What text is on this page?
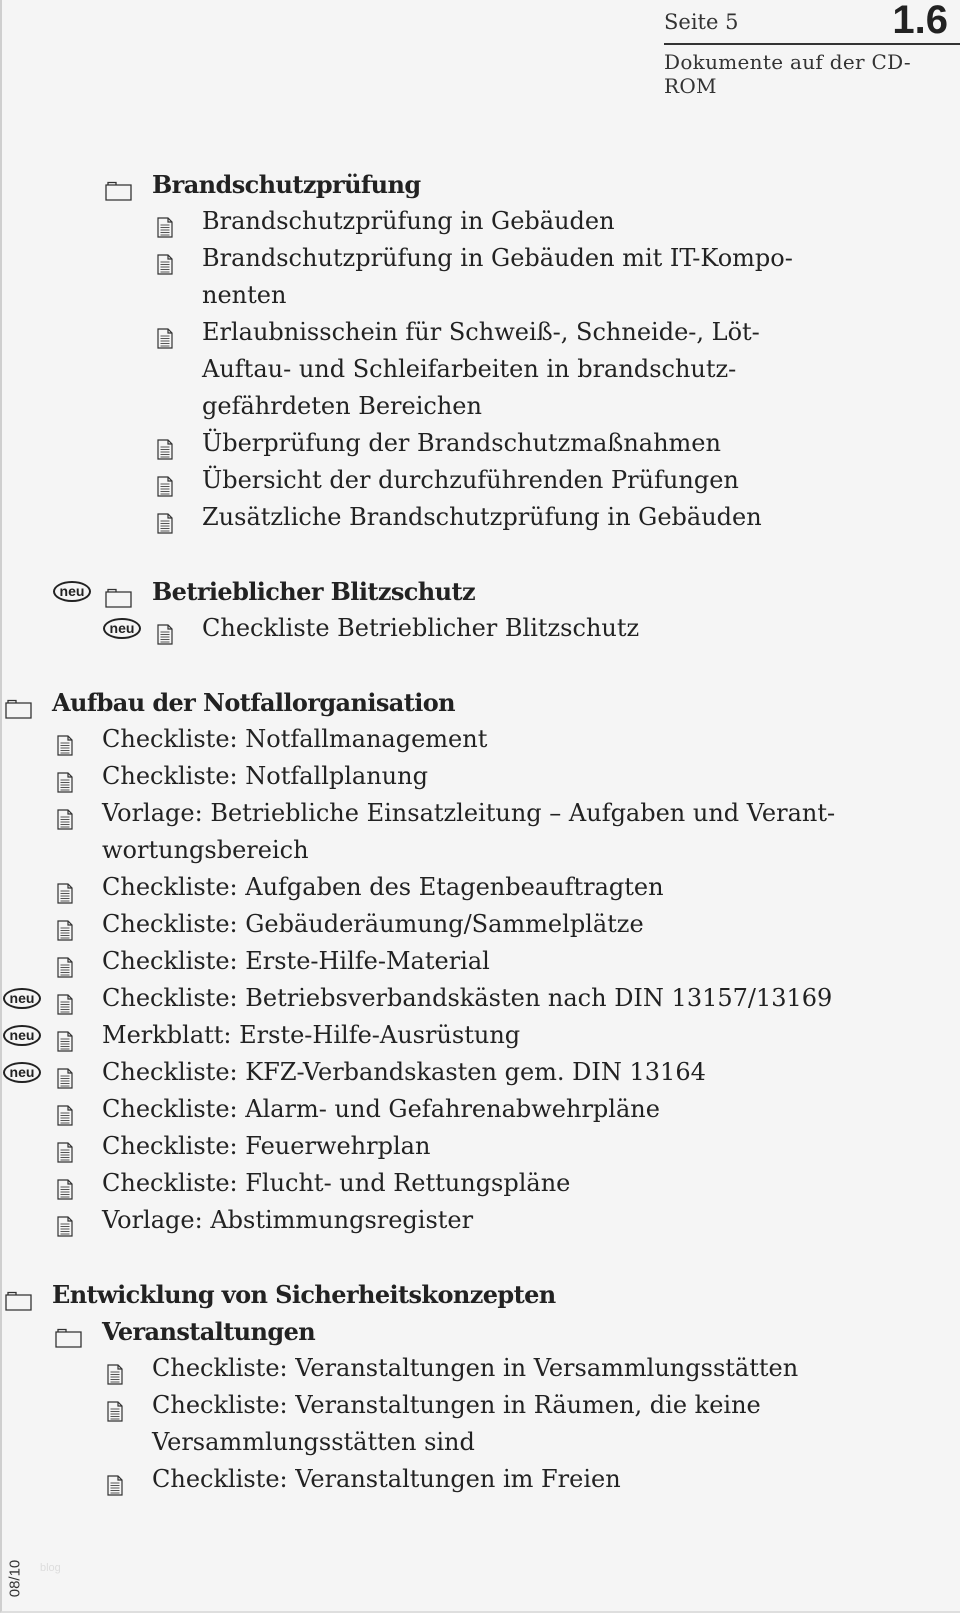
Seite 5	1.6
Dokumente auf der CD-ROM
Brandschutzprüfung
Brandschutzprüfung in Gebäuden
Brandschutzprüfung in Gebäuden mit IT-Kompo-
nenten
Erlaubnisschein für Schweiß-, Schneide-, Löt-
Auftau- und Schleifarbeiten in brandschutz-
gefährdeten Bereichen
Überprüfung der Brandschutzmaßnahmen
Übersicht der durchzuführenden Prüfungen
Zusätzliche Brandschutzprüfung in Gebäuden
neu	Betrieblicher Blitzschutz
neu	Checkliste Betrieblicher Blitzschutz
Aufbau der Notfallorganisation
Checkliste: Notfallmanagement
Checkliste: Notfallplanung
Vorlage: Betriebliche Einsatzleitung – Aufgaben und Verant-
wortungsbereich
Checkliste: Aufgaben des Etagenbeauftragten
Checkliste: Gebäuderäumung/Sammelplätze
Checkliste: Erste-Hilfe-Material
neu	Checkliste: Betriebsverbandskästen nach DIN 13157/13169
neu	Merkblatt: Erste-Hilfe-Ausrüstung
neu	Checkliste: KFZ-Verbandskasten gem. DIN 13164
Checkliste: Alarm- und Gefahrenabwehrpläne
Checkliste: Feuerwehrplan
Checkliste: Flucht- und Rettungspläne
Vorlage: Abstimmungsregister
Entwicklung von Sicherheitskonzepten
Veranstaltungen
Checkliste: Veranstaltungen in Versammlungsstätten
Checkliste: Veranstaltungen in Räumen, die keine
Versammlungsstätten sind
Checkliste: Veranstaltungen im Freien
08/10 blog
